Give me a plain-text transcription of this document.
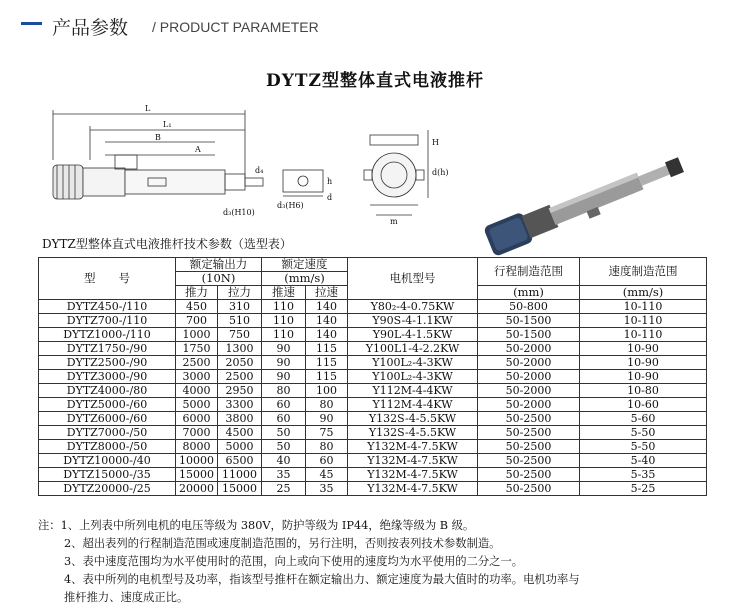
产品参数 / PRODUCT PARAMETER
DYTZ型整体直式电液推杆
L
L₁
B
A
d₄
d₃(H10)
d₃(H6)
h
d
H
d(h)
m
DYTZ型整体直式电液推杆技术参数（选型表）
型　　号	额定输出力		额定速度		电机型号	行程制造范围	速度制造范围
	(10N)		(mm/s)				
	推力	拉力	推速	拉速		(mm)	(mm/s)
DYTZ450-/110	450	310	110	140	Y80₂-4-0.75KW	50-800	10-110
DYTZ700-/110	700	510	110	140	Y90S-4-1.1KW	50-1500	10-110
DYTZ1000-/110	1000	750	110	140	Y90L-4-1.5KW	50-1500	10-110
DYTZ1750-/90	1750	1300	90	115	Y100L1-4-2.2KW	50-2000	10-90
DYTZ2500-/90	2500	2050	90	115	Y100L₂-4-3KW	50-2000	10-90
DYTZ3000-/90	3000	2500	90	115	Y100L₂-4-3KW	50-2000	10-90
DYTZ4000-/80	4000	2950	80	100	Y112M-4-4KW	50-2000	10-80
DYTZ5000-/60	5000	3300	60	80	Y112M-4-4KW	50-2000	10-60
DYTZ6000-/60	6000	3800	60	90	Y132S-4-5.5KW	50-2500	5-60
DYTZ7000-/50	7000	4500	50	75	Y132S-4-5.5KW	50-2500	5-50
DYTZ8000-/50	8000	5000	50	80	Y132M-4-7.5KW	50-2500	5-50
DYTZ10000-/40	10000	6500	40	60	Y132M-4-7.5KW	50-2500	5-40
DYTZ15000-/35	15000	11000	35	45	Y132M-4-7.5KW	50-2500	5-35
DYTZ20000-/25	20000	15000	25	35	Y132M-4-7.5KW	50-2500	5-25
注：1、上列表中所列电机的电压等级为 380V，防护等级为 IP44，绝缘等级为 B 级。
2、超出表列的行程制造范围或速度制造范围的，另行注明，否则按表列技术参数制造。
3、表中速度范围均为水平使用时的范围，向上或向下使用的速度均为水平使用的二分之一。
4、表中所列的电机型号及功率，指该型号推杆在额定输出力、额定速度为最大值时的功率。电机功率与
推杆推力、速度成正比。
